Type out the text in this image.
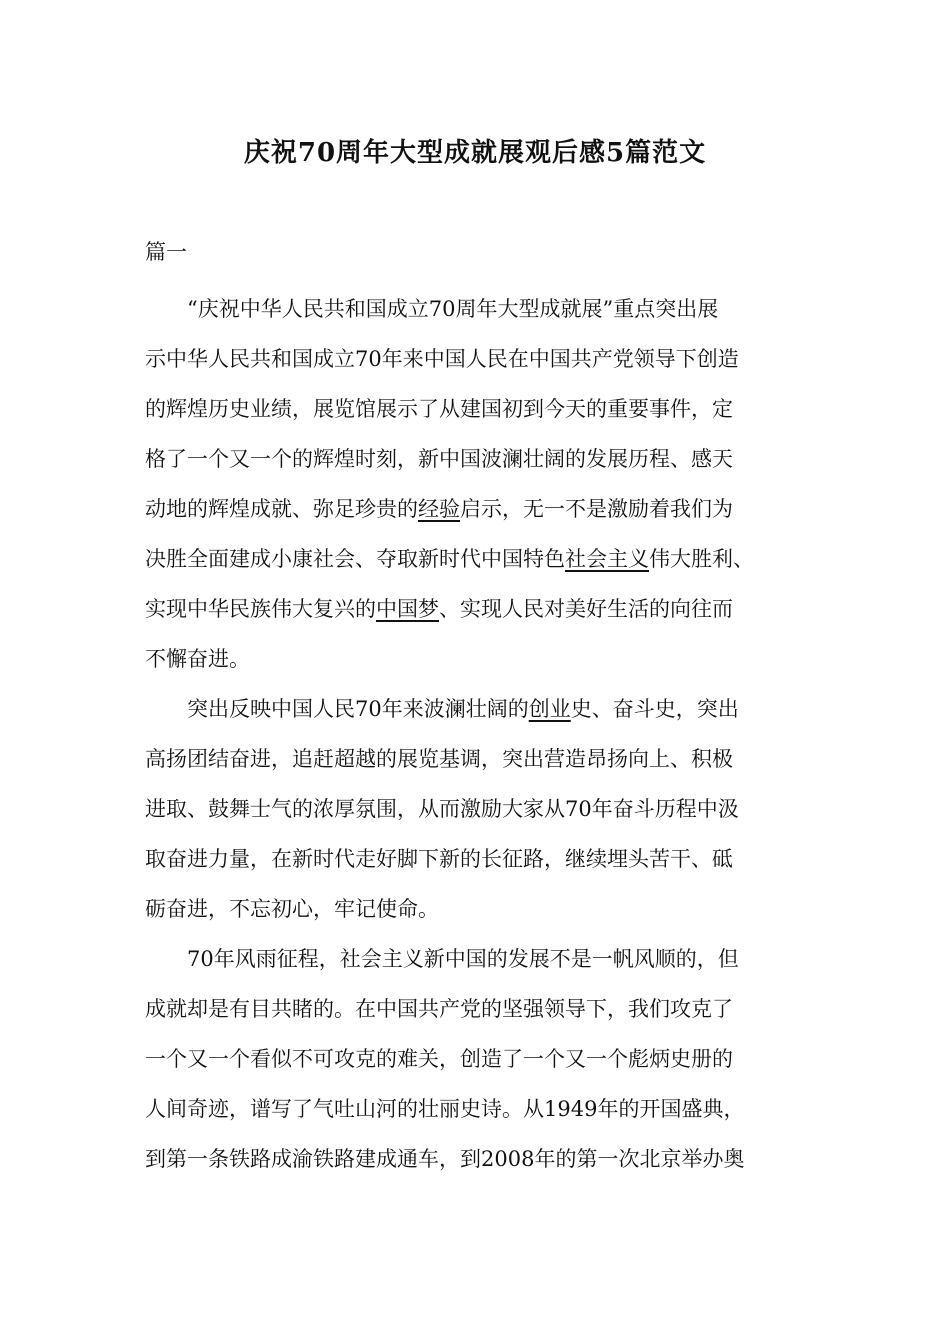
庆祝70周年大型成就展观后感5篇范文
篇一
“庆祝中华人民共和国成立70周年大型成就展”重点突出展
示中华人民共和国成立70年来中国人民在中国共产党领导下创造
的辉煌历史业绩，展览馆展示了从建国初到今天的重要事件，定
格了一个又一个的辉煌时刻，新中国波澜壮阔的发展历程、感天
动地的辉煌成就、弥足珍贵的经验启示，无一不是激励着我们为
决胜全面建成小康社会、夺取新时代中国特色社会主义伟大胜利、
实现中华民族伟大复兴的中国梦、实现人民对美好生活的向往而
不懈奋进。
突出反映中国人民70年来波澜壮阔的创业史、奋斗史，突出
高扬团结奋进，追赶超越的展览基调，突出营造昂扬向上、积极
进取、鼓舞士气的浓厚氛围，从而激励大家从70年奋斗历程中汲
取奋进力量，在新时代走好脚下新的长征路，继续埋头苦干、砥
砺奋进，不忘初心，牢记使命。
70年风雨征程，社会主义新中国的发展不是一帆风顺的，但
成就却是有目共睹的。在中国共产党的坚强领导下，我们攻克了
一个又一个看似不可攻克的难关，创造了一个又一个彪炳史册的
人间奇迹，谱写了气吐山河的壮丽史诗。从1949年的开国盛典，
到第一条铁路成渝铁路建成通车，到2008年的第一次北京举办奥
